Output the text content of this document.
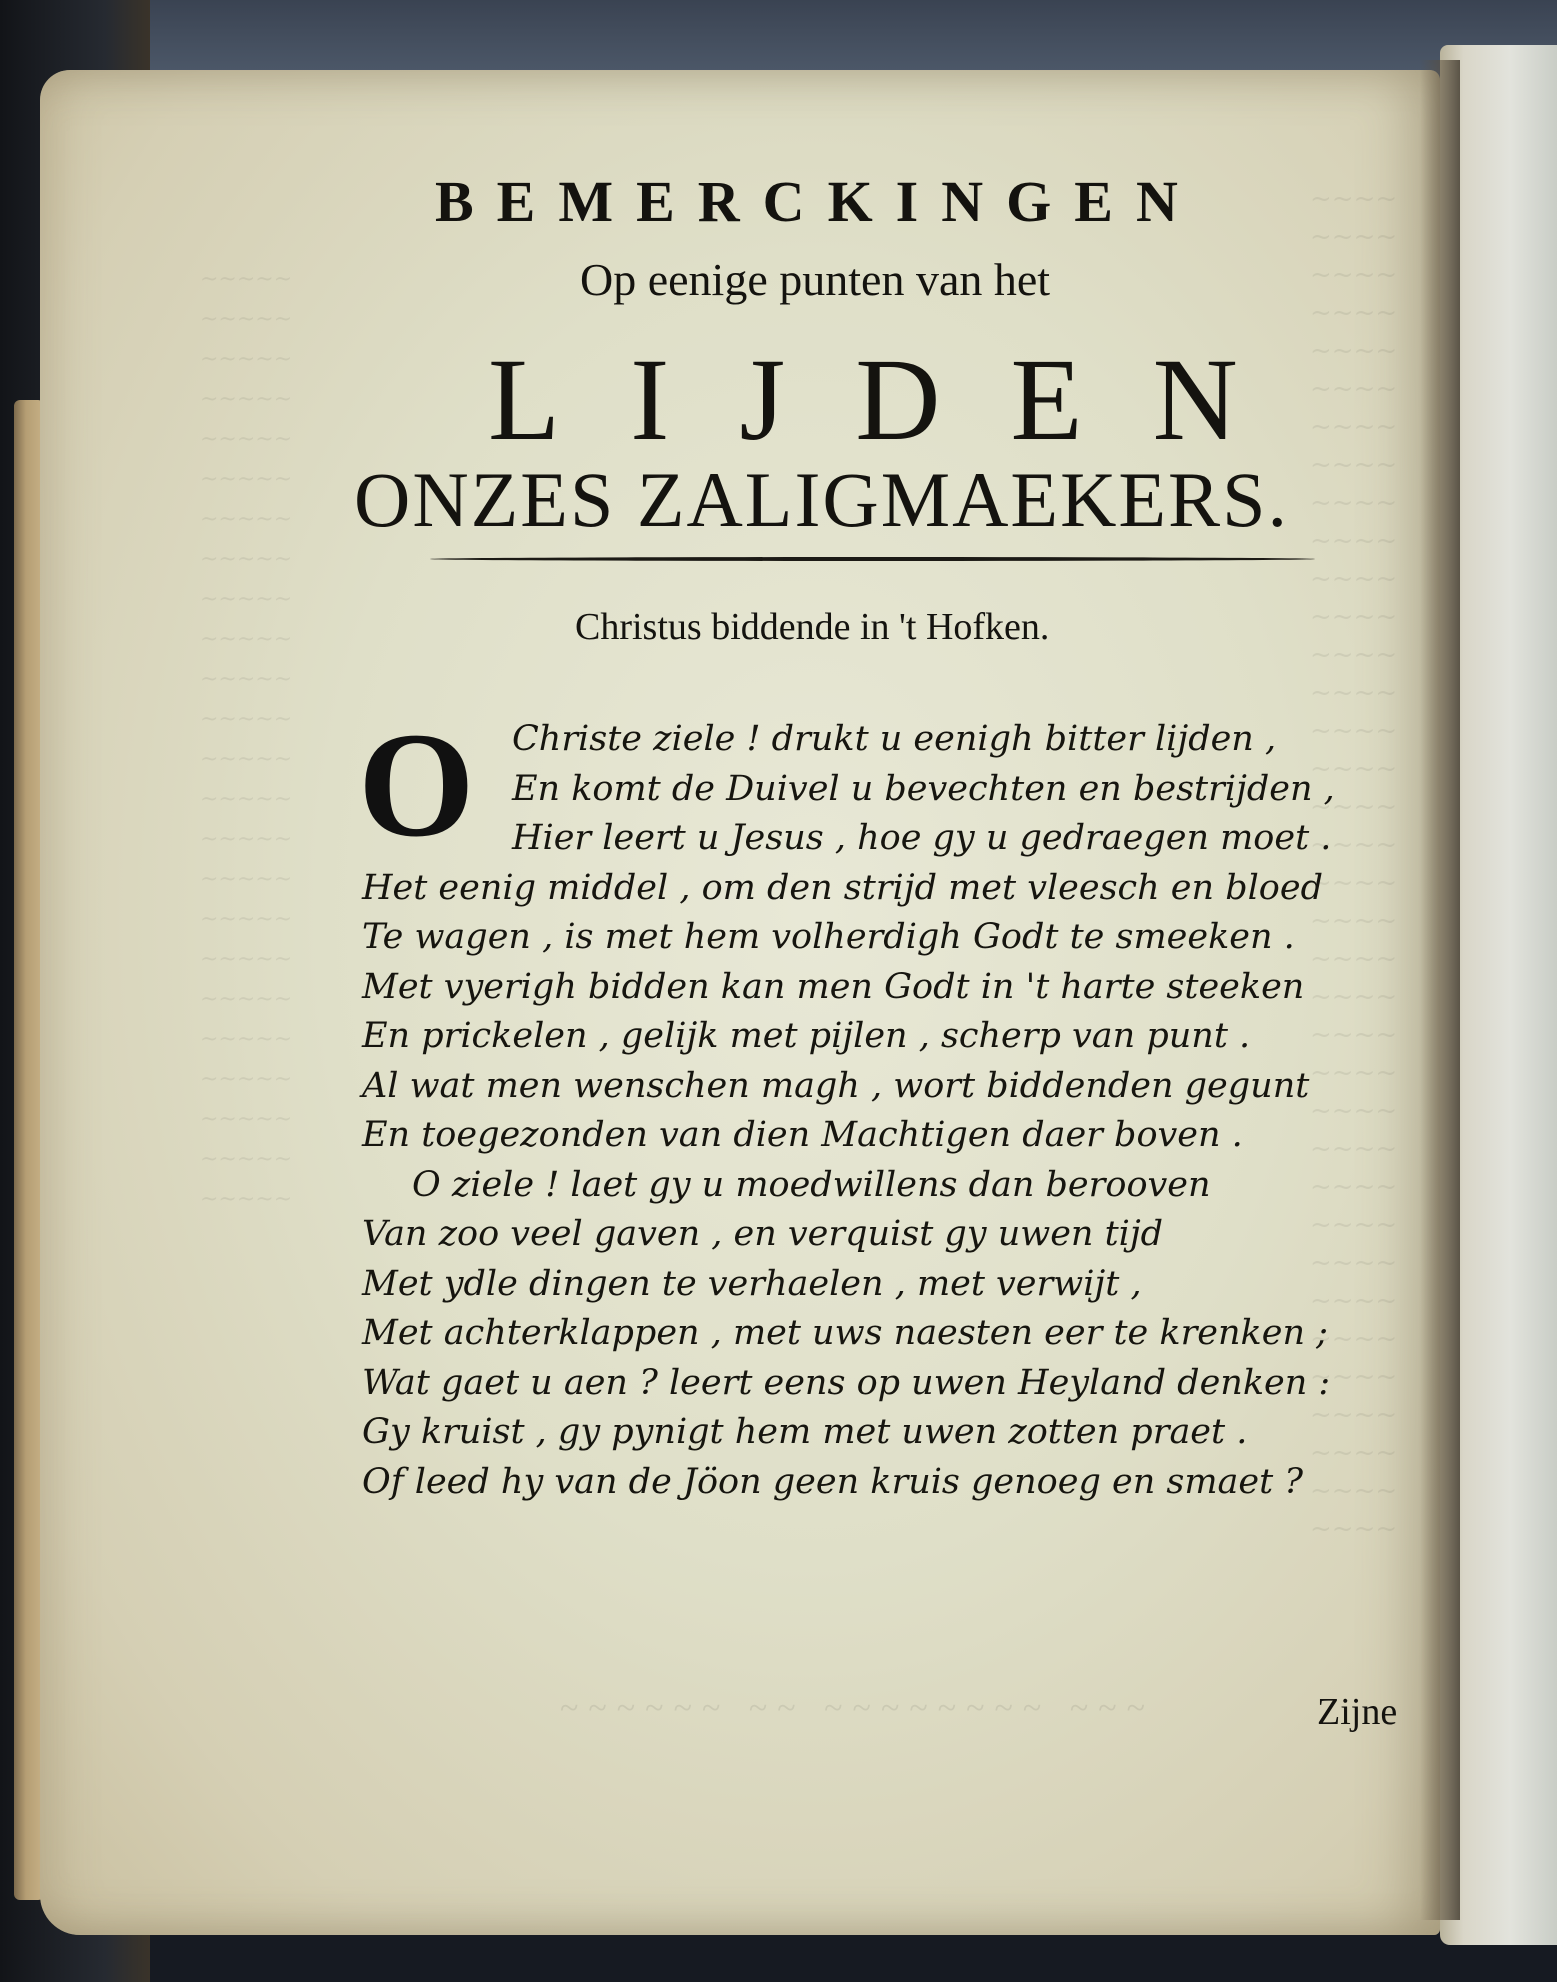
~~~~~
~~~~~
~~~~~
~~~~~
~~~~~
~~~~~
~~~~~
~~~~~
~~~~~
~~~~~
~~~~~
~~~~~
~~~~~
~~~~~
~~~~~
~~~~~
~~~~~
~~~~~
~~~~~
~~~~~
~~~~~
~~~~~
~~~~~
~~~~~
~~~~
~~~~
~~~~
~~~~
~~~~
~~~~
~~~~
~~~~
~~~~
~~~~
~~~~
~~~~
~~~~
~~~~
~~~~
~~~~
~~~~
~~~~
~~~~
~~~~
~~~~
~~~~
~~~~
~~~~
~~~~
~~~~
~~~~
~~~~
~~~~
~~~~
~~~~
~~~~
~~~~
~~~~
~~~~
~~~~
~~~~~~ ~~ ~~~~~~~~ ~~~
BEMERCKINGEN
Op eenige punten van het
LIJDEN
ONZES ZALIGMAEKERS.
Christus biddende in 't Hofken.
O	Christe ziele ! drukt u eenigh bitter lijden ,
En komt de Duivel u bevechten en bestrijden ,
Hier leert u Jesus , hoe gy u gedraegen moet .
Het eenig middel , om den strijd met vleesch en bloed
Te wagen , is met hem volherdigh Godt te smeeken .
Met vyerigh bidden kan men Godt in 't harte steeken
En prickelen , gelijk met pijlen , scherp van punt .
Al wat men wenschen magh , wort biddenden gegunt
En toegezonden van dien Machtigen daer boven .
O ziele ! laet gy u moedwillens dan berooven
Van zoo veel gaven , en verquist gy uwen tijd
Met ydle dingen te verhaelen , met verwijt ,
Met achterklappen , met uws naesten eer te krenken ;
Wat gaet u aen ? leert eens op uwen Heyland denken :
Gy kruist , gy pynigt hem met uwen zotten praet .
Of leed hy van de Jöon geen kruis genoeg en smaet ?
Zijne
